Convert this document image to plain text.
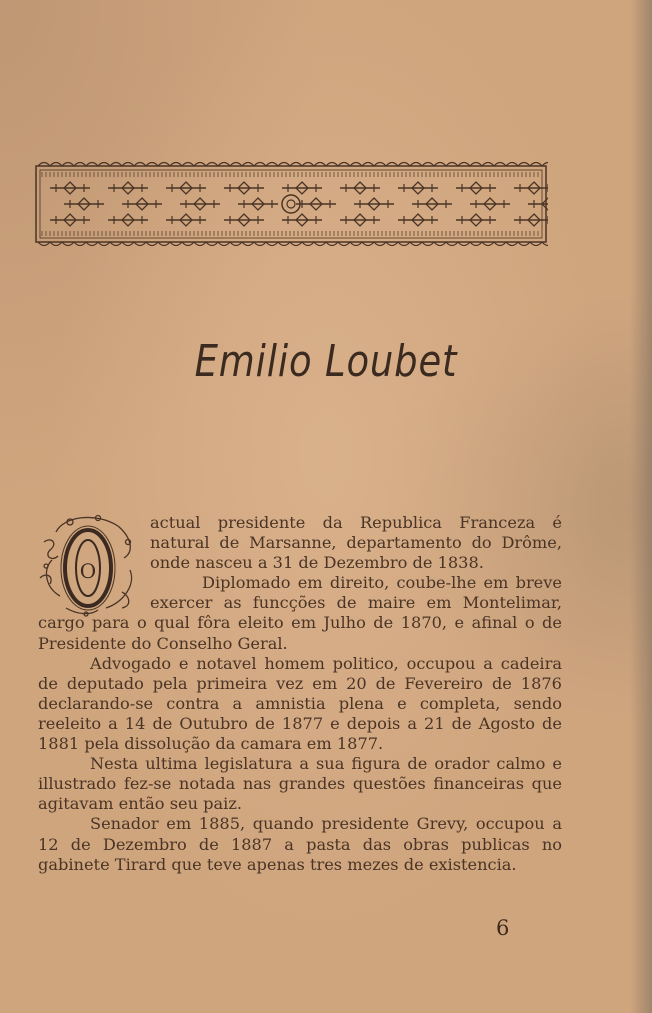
Emilio Loubet
O

actual presidente da Republica Franceza é natural de Marsanne, departamento do Drôme, onde nasceu a 31 de Dezembro de 1838.

Diplomado em direito, coube-lhe em breve exercer as funcções de maire em Montelimar, cargo para o qual fôra eleito em Julho de 1870, e afinal o de Presidente do Conselho Geral.

Advogado e notavel homem politico, occupou a cadeira de deputado pela primeira vez em 20 de Fevereiro de 1876 declarando-se contra a amnistia plena e completa, sendo reeleito a 14 de Outubro de 1877 e depois a 21 de Agosto de 1881 pela dissolução da camara em 1877.

Nesta ultima legislatura a sua figura de orador calmo e illustrado fez-se notada nas grandes questões financeiras que agitavam então seu paiz.

Senador em 1885, quando presidente Grevy, occupou a 12 de Dezembro de 1887 a pasta das obras publicas no gabinete Tirard que teve apenas tres mezes de existencia.

6
